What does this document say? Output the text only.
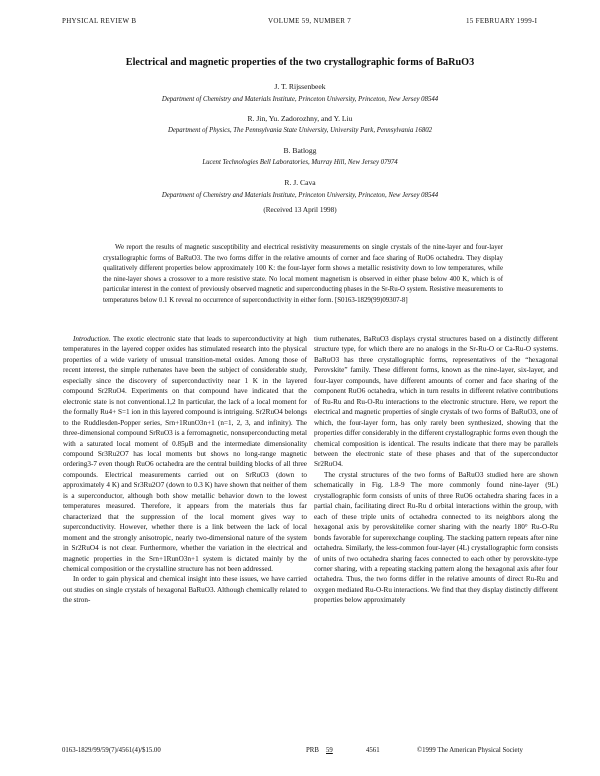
PHYSICAL REVIEW B	VOLUME 59, NUMBER 7	15 FEBRUARY 1999-I
Electrical and magnetic properties of the two crystallographic forms of BaRuO3
J. T. Rijssenbeek
Department of Chemistry and Materials Institute, Princeton University, Princeton, New Jersey 08544
R. Jin, Yu. Zadorozhny, and Y. Liu
Department of Physics, The Pennsylvania State University, University Park, Pennsylvania 16802
B. Batlogg
Lucent Technologies Bell Laboratories, Murray Hill, New Jersey 07974
R. J. Cava
Department of Chemistry and Materials Institute, Princeton University, Princeton, New Jersey 08544
(Received 13 April 1998)

We report the results of magnetic susceptibility and electrical resistivity measurements on single crystals of the nine-layer and four-layer crystallographic forms of BaRuO3. The two forms differ in the relative amounts of corner and face sharing of RuO6 octahedra. They display qualitatively different properties below approximately 100 K: the four-layer form shows a metallic resistivity down to low temperatures, while the nine-layer shows a crossover to a more resistive state. No local moment magnetism is observed in either phase below 400 K, which is of particular interest in the context of previously observed magnetic and superconducting phases in the Sr-Ru-O system. Resistive measurements to temperatures below 0.1 K reveal no occurrence of superconductivity in either form. [S0163-1829(99)09307-8]

Introduction. The exotic electronic state that leads to superconductivity at high temperatures in the layered copper oxides has stimulated research into the physical properties of a wide variety of unusual transition-metal oxides. Among those of recent interest, the simple ruthenates have been the subject of considerable study, especially since the discovery of superconductivity near 1 K in the layered compound Sr2RuO4. Experiments on that compound have indicated that the electronic state is not conventional.1,2 In particular, the lack of a local moment for the formally Ru4+ S=1 ion in this layered compound is intriguing. Sr2RuO4 belongs to the Ruddlesden-Popper series, Srn+1RunO3n+1 (n=1, 2, 3, and infinity). The three-dimensional compound SrRuO3 is a ferromagnetic, nonsuperconducting metal with a saturated local moment of 0.85μB and the intermediate dimensionality compound Sr3Ru2O7 has local moments but shows no long-range magnetic ordering3-7 even though RuO6 octahedra are the central building blocks of all three compounds. Electrical measurements carried out on SrRuO3 (down to approximately 4 K) and Sr3Ru2O7 (down to 0.3 K) have shown that neither of them is a superconductor, although both show metallic behavior down to the lowest temperatures measured. Therefore, it appears from the materials thus far characterized that the suppression of the local moment gives way to superconductivity. However, whether there is a link between the lack of local moment and the strongly anisotropic, nearly two-dimensional nature of the system in Sr2RuO4 is not clear. Furthermore, whether the variation in the electrical and magnetic properties in the Srn+1RunO3n+1 system is dictated mainly by the chemical composition or the crystalline structure has not been addressed.

In order to gain physical and chemical insight into these issues, we have carried out studies on single crystals of hexagonal BaRuO3. Although chemically related to the stron-

tium ruthenates, BaRuO3 displays crystal structures based on a distinctly different structure type, for which there are no analogs in the Sr-Ru-O or Ca-Ru-O systems. BaRuO3 has three crystallographic forms, representatives of the “hexagonal Perovskite” family. These different forms, known as the nine-layer, six-layer, and four-layer compounds, have different amounts of corner and face sharing of the component RuO6 octahedra, which in turn results in different relative contributions of Ru-Ru and Ru-O-Ru interactions to the electronic structure. Here, we report the electrical and magnetic properties of single crystals of two forms of BaRuO3, one of which, the four-layer form, has only rarely been synthesized, showing that the properties differ considerably in the different crystallographic forms even though the chemical composition is identical. The results indicate that there may be parallels between the electronic state of these phases and that of the superconductor Sr2RuO4.

The crystal structures of the two forms of BaRuO3 studied here are shown schematically in Fig. 1.8-9 The more commonly found nine-layer (9L) crystallographic form consists of units of three RuO6 octahedra sharing faces in a partial chain, facilitating direct Ru-Ru d orbital interactions within the group, with each of these triple units of octahedra connected to its neighbors along the hexagonal axis by perovskitelike corner sharing with the nearly 180° Ru-O-Ru bonds favorable for superexchange coupling. The stacking pattern repeats after nine octahedra. Similarly, the less-common four-layer (4L) crystallographic form consists of units of two octahedra sharing faces connected to each other by perovskite-type corner sharing, with a repeating stacking pattern along the hexagonal axis after four octahedra. Thus, the two forms differ in the relative amounts of direct Ru-Ru and oxygen mediated Ru-O-Ru interactions. We find that they display distinctly different properties below approximately

0163-1829/99/59(7)/4561(4)/$15.00	PRB 59	4561	©1999 The American Physical Society
